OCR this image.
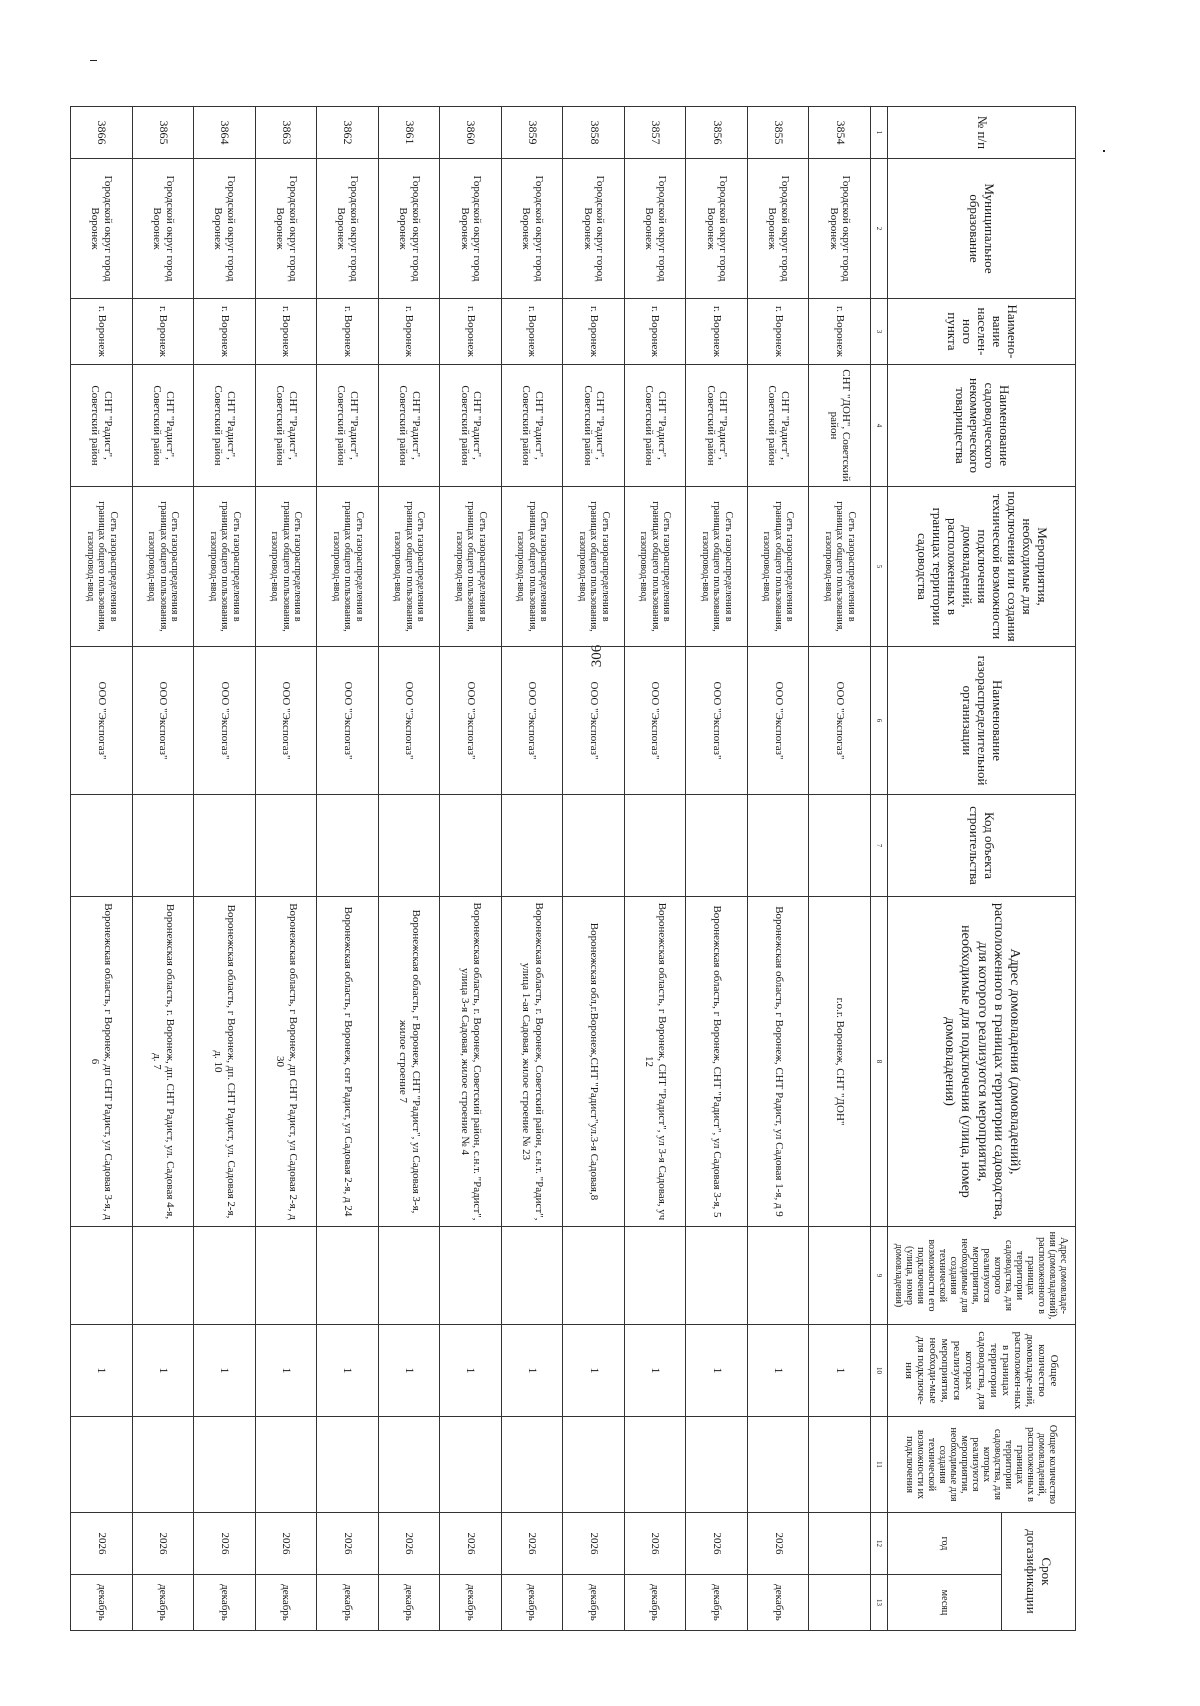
306
№ п/п	Муниципальное образование	Наимено-вание населен-ного пункта	Наименование садоводческого некоммерческого товарищества	Мероприятия, необходимые для подключения или создания технической возможности подключения домовладений, расположенных в границах территории садоводства	Наименование газораспределительной организации	Код объекта строительства	Адрес домовладения (домовладений), расположенного в границах территории садоводства, для которого реализуются мероприятия, необходимые для подключения (улица, номер домовладения)	Адрес домовладе-ния (домовладений), расположенного в границах территории садоводства, для которого реализуются мероприятия, необходимые для создания технической возможности его подключения (улица, номер домовладения)	Общее количество домовладе-ний, расположен-ных в границах территории садоводства, для которых реализуются мероприятия, необходи-мые для подключе-ния	Общее количество домовладений, расположенных в границах территории садоводства, для которых реализуются мероприятия, необходимые для создания технической возможности их подключения	Срок догазификации	
											год	месяц
1	2	3	4	5	6	7	8	9	10	11	12	13
3854	Городской округ город Воронеж	г. Воронеж	СНТ "ДОН", Советский район	Сеть газораспределения в границах общего пользования, газопровод-ввод	ООО "Экспогаз"		г.о.г. Воронеж, СНТ "ДОН"		1			
3855	Городской округ город Воронеж	г. Воронеж	СНТ "Радист", Советский район	Сеть газораспределения в границах общего пользования, газопровод-ввод	ООО "Экспогаз"		Воронежская область, г Воронеж, СНТ Радист, ул Садовая 1-я, д 9		1		2026	декабрь
3856	Городской округ город Воронеж	г. Воронеж	СНТ "Радист", Советский район	Сеть газораспределения в границах общего пользования, газопровод-ввод	ООО "Экспогаз"		Воронежская область, г Воронеж, СНТ "Радист", ул Садовая 3-я, 5		1		2026	декабрь
3857	Городской округ город Воронеж	г. Воронеж	СНТ "Радист", Советский район	Сеть газораспределения в границах общего пользования, газопровод-ввод	ООО "Экспогаз"		Воронежская область, г Воронеж, СНТ "Радист", ул 3-я Садовая, уч 12		1		2026	декабрь
3858	Городской округ город Воронеж	г. Воронеж	СНТ "Радист", Советский район	Сеть газораспределения в границах общего пользования, газопровод-ввод	ООО "Экспогаз"		Воронежская обл,г.Воронеж,СНТ "Радист"ул.3-я Садовая,8		1		2026	декабрь
3859	Городской округ город Воронеж	г. Воронеж	СНТ "Радист", Советский район	Сеть газораспределения в границах общего пользования, газопровод-ввод	ООО "Экспогаз"		Воронежская область, г. Воронеж, Советский район, с.н.т. "Радист", улица 1-ая Садовая, жилое строение № 23		1		2026	декабрь
3860	Городской округ город Воронеж	г. Воронеж	СНТ "Радист", Советский район	Сеть газораспределения в границах общего пользования, газопровод-ввод	ООО "Экспогаз"		Воронежская область, г. Воронеж, Советский район, с.н.т. "Радист", улица 3-я Садовая, жилое строение № 4		1		2026	декабрь
3861	Городской округ город Воронеж	г. Воронеж	СНТ "Радист", Советский район	Сеть газораспределения в границах общего пользования, газопровод-ввод	ООО "Экспогаз"		Воронежская область, г Воронеж, СНТ "Радист", ул Садовая 3-я, жилое строение 7		1		2026	декабрь
3862	Городской округ город Воронеж	г. Воронеж	СНТ "Радист", Советский район	Сеть газораспределения в границах общего пользования, газопровод-ввод	ООО "Экспогаз"		Воронежская область, г Воронеж, снт Радист, ул Садовая 2-я, д 24		1		2026	декабрь
3863	Городской округ город Воронеж	г. Воронеж	СНТ "Радист", Советский район	Сеть газораспределения в границах общего пользования, газопровод-ввод	ООО "Экспогаз"		Воронежская область, г Воронеж, дп СНТ Радист, ул Садовая 2-я, д 30		1		2026	декабрь
3864	Городской округ город Воронеж	г. Воронеж	СНТ "Радист", Советский район	Сеть газораспределения в границах общего пользования, газопровод-ввод	ООО "Экспогаз"		Воронежская область, г Воронеж, дп. СНТ Радист, ул. Садовая 2-я, д. 10		1		2026	декабрь
3865	Городской округ город Воронеж	г. Воронеж	СНТ "Радист", Советский район	Сеть газораспределения в границах общего пользования, газопровод-ввод	ООО "Экспогаз"		Воронежская область, г. Воронеж, дп. СНТ Радист, ул. Садовая 4-я, д. 7		1		2026	декабрь
3866	Городской округ город Воронеж	г. Воронеж	СНТ "Радист", Советский район	Сеть газораспределения в границах общего пользования, газопровод-ввод	ООО "Экспогаз"		Воронежская область, г Воронеж, дп СНТ Радист, ул Садовая 3-я, д 6		1		2026	декабрь
